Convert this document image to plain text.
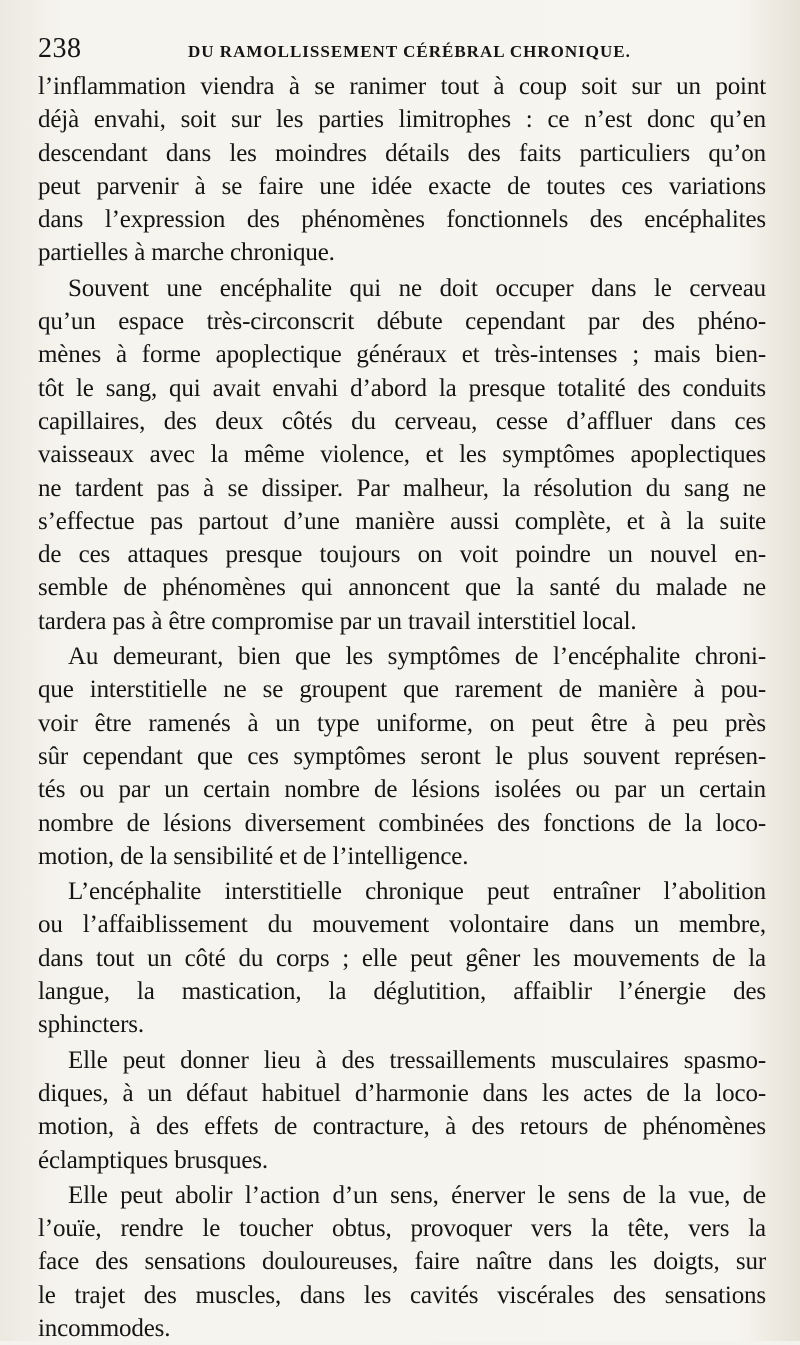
238	DU RAMOLLISSEMENT CÉRÉBRAL CHRONIQUE.
l’inflammation viendra à se ranimer tout à coup soit sur un point
déjà envahi, soit sur les parties limitrophes : ce n’est donc qu’en
descendant dans les moindres détails des faits particuliers qu’on
peut parvenir à se faire une idée exacte de toutes ces variations
dans l’expression des phénomènes fonctionnels des encéphalites
partielles à marche chronique.
Souvent une encéphalite qui ne doit occuper dans le cerveau
qu’un espace très-circonscrit débute cependant par des phéno-
mènes à forme apoplectique généraux et très-intenses ; mais bien-
tôt le sang, qui avait envahi d’abord la presque totalité des conduits
capillaires, des deux côtés du cerveau, cesse d’affluer dans ces
vaisseaux avec la même violence, et les symptômes apoplectiques
ne tardent pas à se dissiper. Par malheur, la résolution du sang ne
s’effectue pas partout d’une manière aussi complète, et à la suite
de ces attaques presque toujours on voit poindre un nouvel en-
semble de phénomènes qui annoncent que la santé du malade ne
tardera pas à être compromise par un travail interstitiel local.
Au demeurant, bien que les symptômes de l’encéphalite chroni-
que interstitielle ne se groupent que rarement de manière à pou-
voir être ramenés à un type uniforme, on peut être à peu près
sûr cependant que ces symptômes seront le plus souvent représen-
tés ou par un certain nombre de lésions isolées ou par un certain
nombre de lésions diversement combinées des fonctions de la loco-
motion, de la sensibilité et de l’intelligence.
L’encéphalite interstitielle chronique peut entraîner l’abolition
ou l’affaiblissement du mouvement volontaire dans un membre,
dans tout un côté du corps ; elle peut gêner les mouvements de la
langue, la mastication, la déglutition, affaiblir l’énergie des
sphincters.
Elle peut donner lieu à des tressaillements musculaires spasmo-
diques, à un défaut habituel d’harmonie dans les actes de la loco-
motion, à des effets de contracture, à des retours de phénomènes
éclamptiques brusques.
Elle peut abolir l’action d’un sens, énerver le sens de la vue, de
l’ouïe, rendre le toucher obtus, provoquer vers la tête, vers la
face des sensations douloureuses, faire naître dans les doigts, sur
le trajet des muscles, dans les cavités viscérales des sensations
incommodes.
